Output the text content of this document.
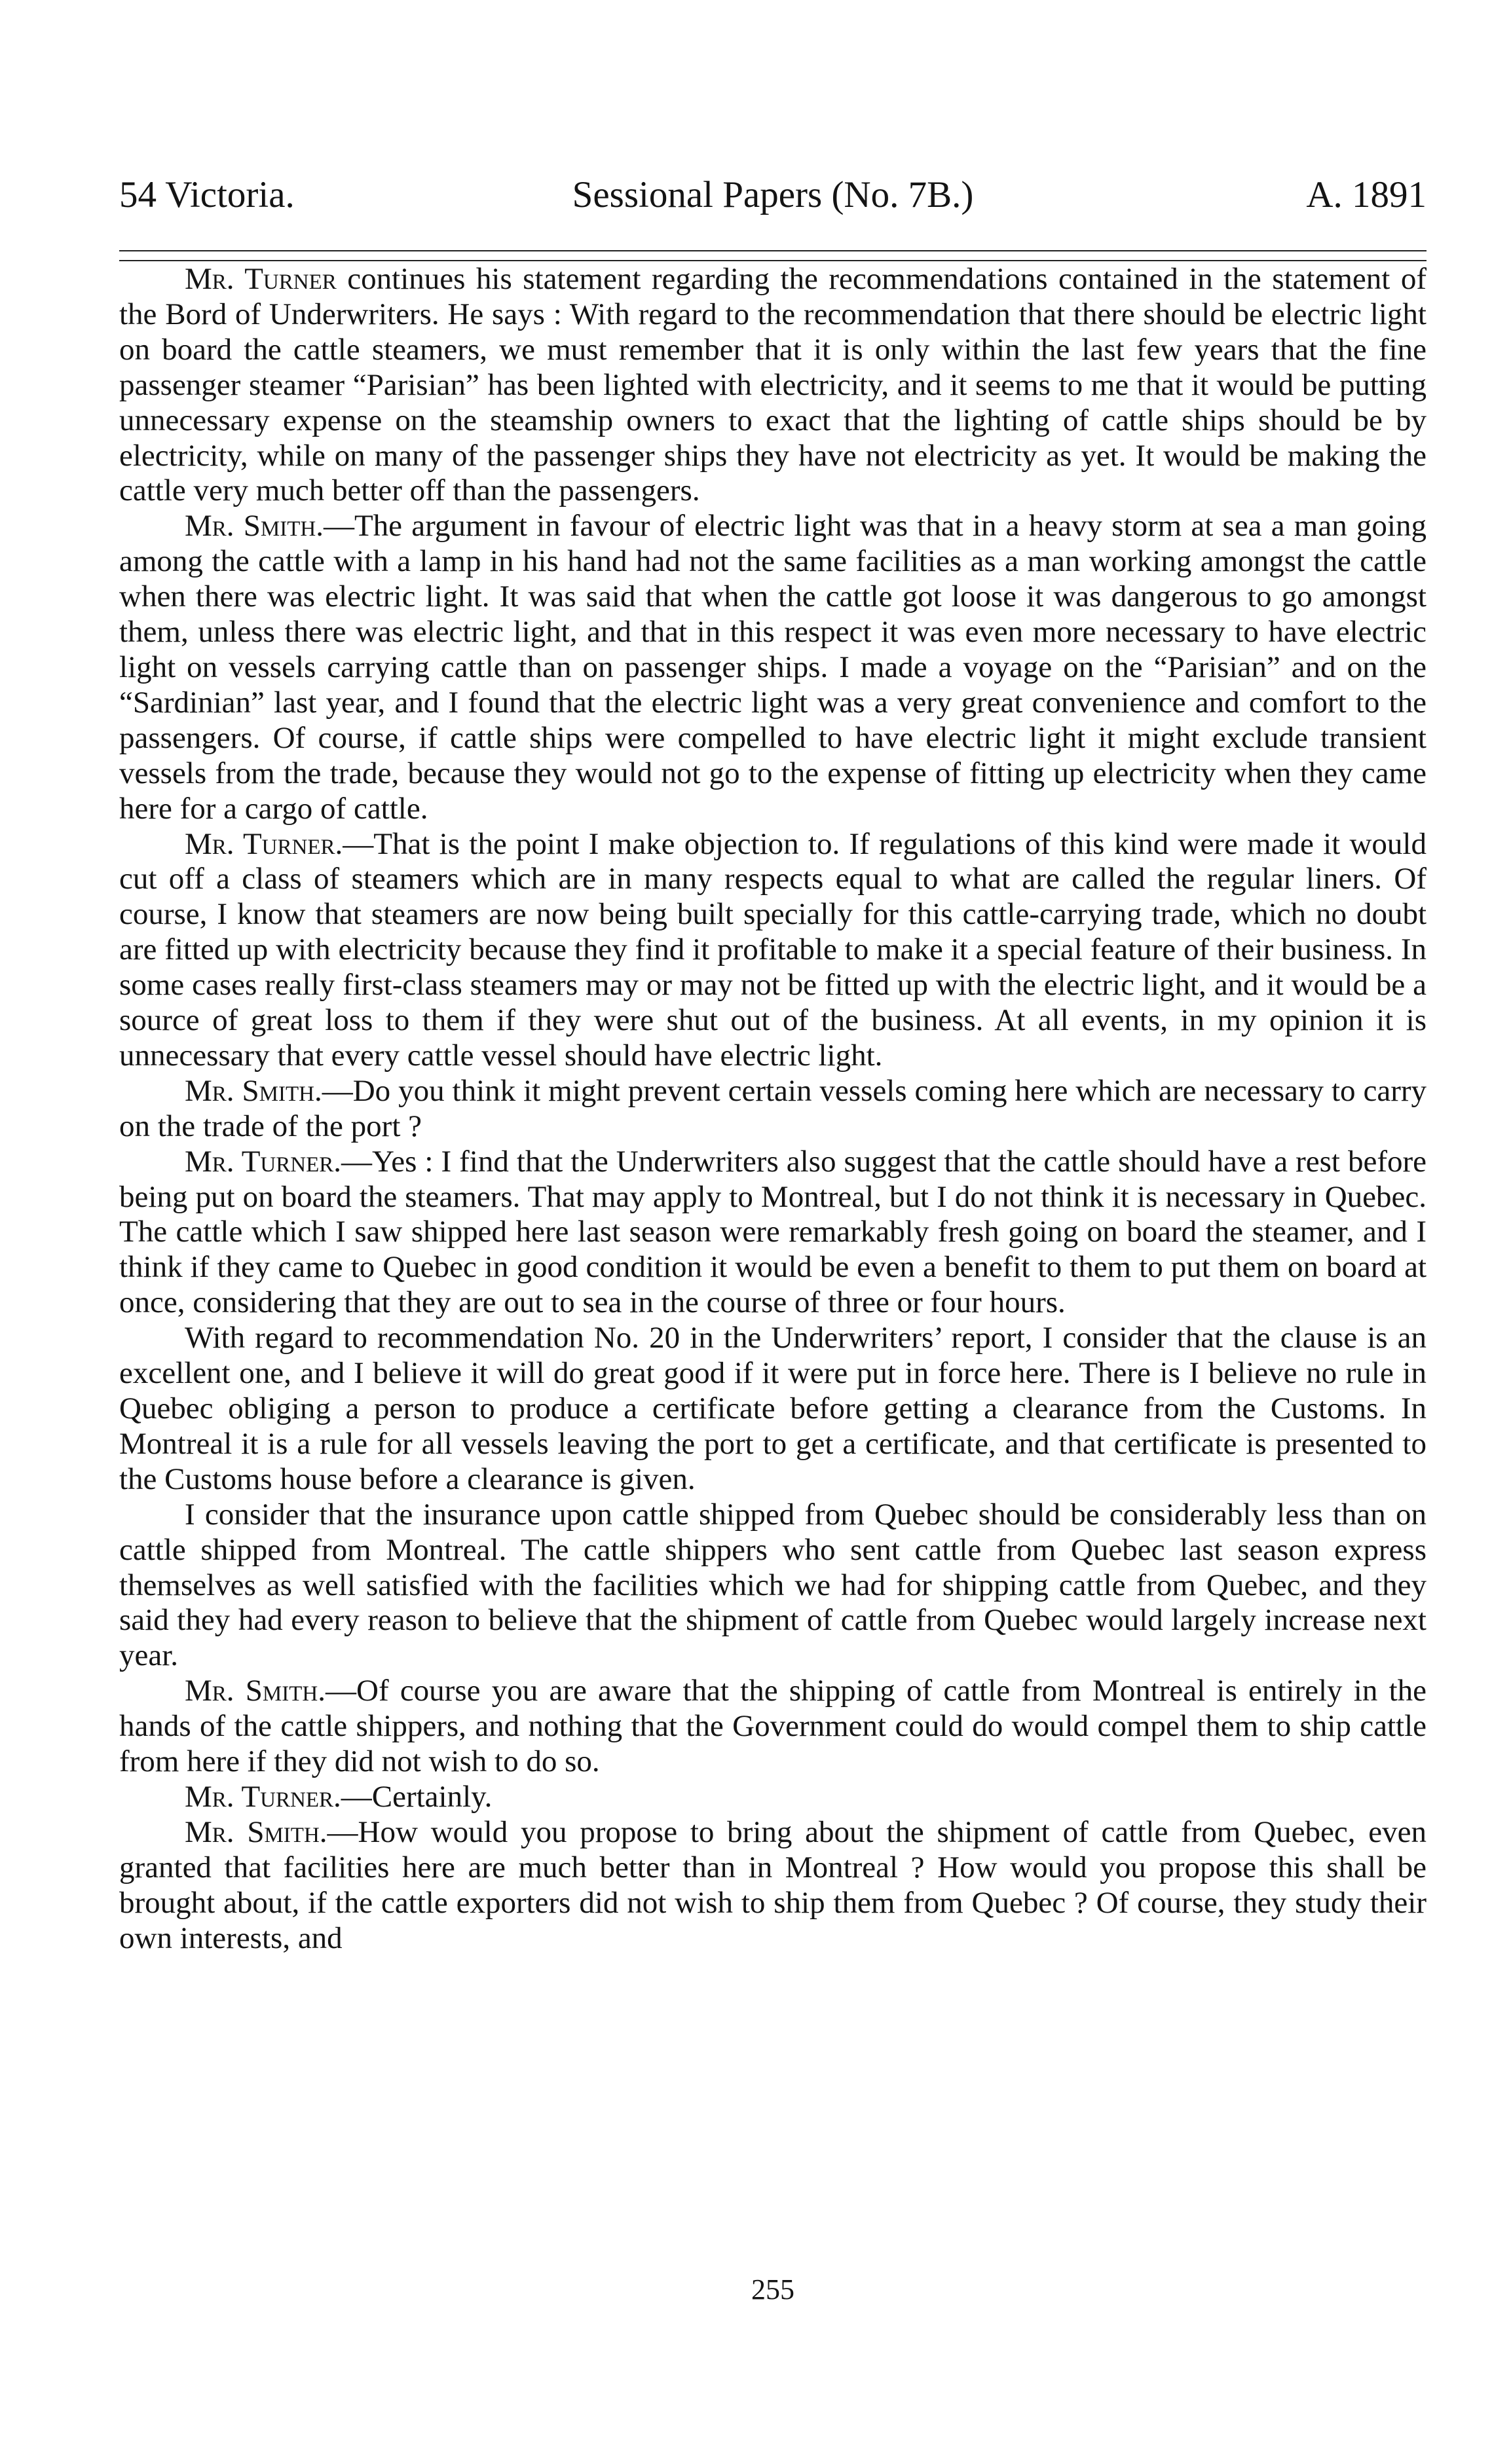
54 Victoria.	Sessional Papers (No. 7B.)	A. 1891

Mr. Turner continues his statement regarding the recommendations contained in the statement of the Bord of Underwriters. He says : With regard to the recommendation that there should be electric light on board the cattle steamers, we must remember that it is only within the last few years that the fine passenger steamer “Parisian” has been lighted with electricity, and it seems to me that it would be putting unnecessary expense on the steamship owners to exact that the lighting of cattle ships should be by electricity, while on many of the passenger ships they have not electricity as yet. It would be making the cattle very much better off than the passengers.

Mr. Smith.—The argument in favour of electric light was that in a heavy storm at sea a man going among the cattle with a lamp in his hand had not the same facilities as a man working amongst the cattle when there was electric light. It was said that when the cattle got loose it was dangerous to go amongst them, unless there was electric light, and that in this respect it was even more necessary to have electric light on vessels carrying cattle than on passenger ships. I made a voyage on the “Parisian” and on the “Sardinian” last year, and I found that the electric light was a very great convenience and comfort to the passengers. Of course, if cattle ships were compelled to have electric light it might exclude transient vessels from the trade, because they would not go to the expense of fitting up electricity when they came here for a cargo of cattle.

Mr. Turner.—That is the point I make objection to. If regulations of this kind were made it would cut off a class of steamers which are in many respects equal to what are called the regular liners. Of course, I know that steamers are now being built specially for this cattle-carrying trade, which no doubt are fitted up with electricity because they find it profitable to make it a special feature of their business. In some cases really first-class steamers may or may not be fitted up with the electric light, and it would be a source of great loss to them if they were shut out of the business. At all events, in my opinion it is unnecessary that every cattle vessel should have electric light.

Mr. Smith.—Do you think it might prevent certain vessels coming here which are necessary to carry on the trade of the port ?

Mr. Turner.—Yes : I find that the Underwriters also suggest that the cattle should have a rest before being put on board the steamers. That may apply to Montreal, but I do not think it is necessary in Quebec. The cattle which I saw shipped here last season were remarkably fresh going on board the steamer, and I think if they came to Quebec in good condition it would be even a benefit to them to put them on board at once, considering that they are out to sea in the course of three or four hours.

With regard to recommendation No. 20 in the Underwriters’ report, I consider that the clause is an excellent one, and I believe it will do great good if it were put in force here. There is I believe no rule in Quebec obliging a person to produce a certificate before getting a clearance from the Customs. In Montreal it is a rule for all vessels leaving the port to get a certificate, and that certificate is presented to the Customs house before a clearance is given.

I consider that the insurance upon cattle shipped from Quebec should be considerably less than on cattle shipped from Montreal. The cattle shippers who sent cattle from Quebec last season express themselves as well satisfied with the facilities which we had for shipping cattle from Quebec, and they said they had every reason to believe that the shipment of cattle from Quebec would largely increase next year.

Mr. Smith.—Of course you are aware that the shipping of cattle from Montreal is entirely in the hands of the cattle shippers, and nothing that the Government could do would compel them to ship cattle from here if they did not wish to do so.

Mr. Turner.—Certainly.

Mr. Smith.—How would you propose to bring about the shipment of cattle from Quebec, even granted that facilities here are much better than in Montreal ? How would you propose this shall be brought about, if the cattle exporters did not wish to ship them from Quebec ? Of course, they study their own interests, and

255
